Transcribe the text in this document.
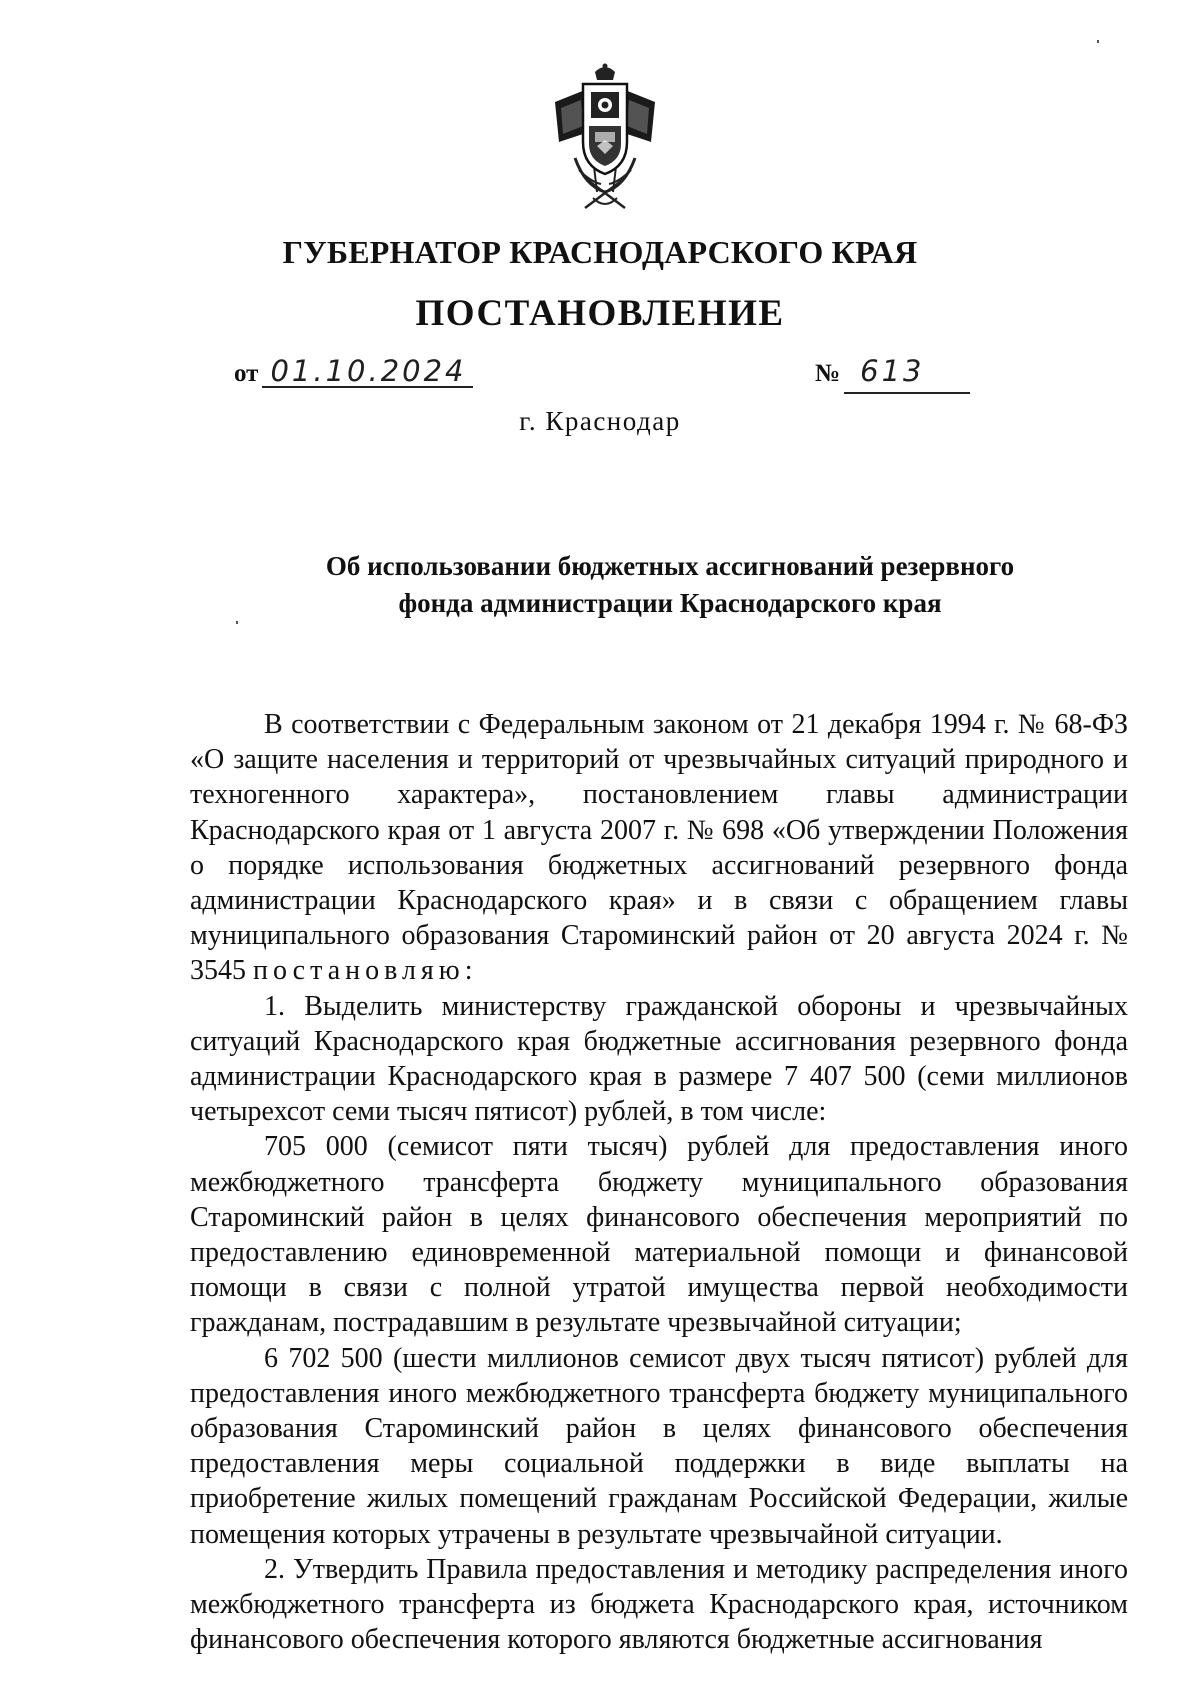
ГУБЕРНАТОР КРАСНОДАРСКОГО КРАЯ
ПОСТАНОВЛЕНИЕ
от 01.10.2024	№ 613
г. Краснодар
Об использовании бюджетных ассигнований резервного
фонда администрации Краснодарского края

В соответствии с Федеральным законом от 21 декабря 1994 г. № 68-ФЗ «О защите населения и территорий от чрезвычайных ситуаций природного и техногенного характера», постановлением главы администрации Краснодарского края от 1 августа 2007 г. № 698 «Об утверждении Положения о порядке использования бюджетных ассигнований резервного фонда администрации Краснодарского края» и в связи с обращением главы муниципального образования Староминский район от 20 августа 2024 г. № 3545 постановляю:

1. Выделить министерству гражданской обороны и чрезвычайных ситуаций Краснодарского края бюджетные ассигнования резервного фонда администрации Краснодарского края в размере 7 407 500 (семи миллионов четырехсот семи тысяч пятисот) рублей, в том числе:

705 000 (семисот пяти тысяч) рублей для предоставления иного межбюджетного трансферта бюджету муниципального образования Староминский район в целях финансового обеспечения мероприятий по предоставлению единовременной материальной помощи и финансовой помощи в связи с полной утратой имущества первой необходимости гражданам, пострадавшим в результате чрезвычайной ситуации;

6 702 500 (шести миллионов семисот двух тысяч пятисот) рублей для предоставления иного межбюджетного трансферта бюджету муниципального образования Староминский район в целях финансового обеспечения предоставления меры социальной поддержки в виде выплаты на приобретение жилых помещений гражданам Российской Федерации, жилые помещения которых утрачены в результате чрезвычайной ситуации.

2. Утвердить Правила предоставления и методику распределения иного межбюджетного трансферта из бюджета Краснодарского края, источником финансового обеспечения которого являются бюджетные ассигнования
